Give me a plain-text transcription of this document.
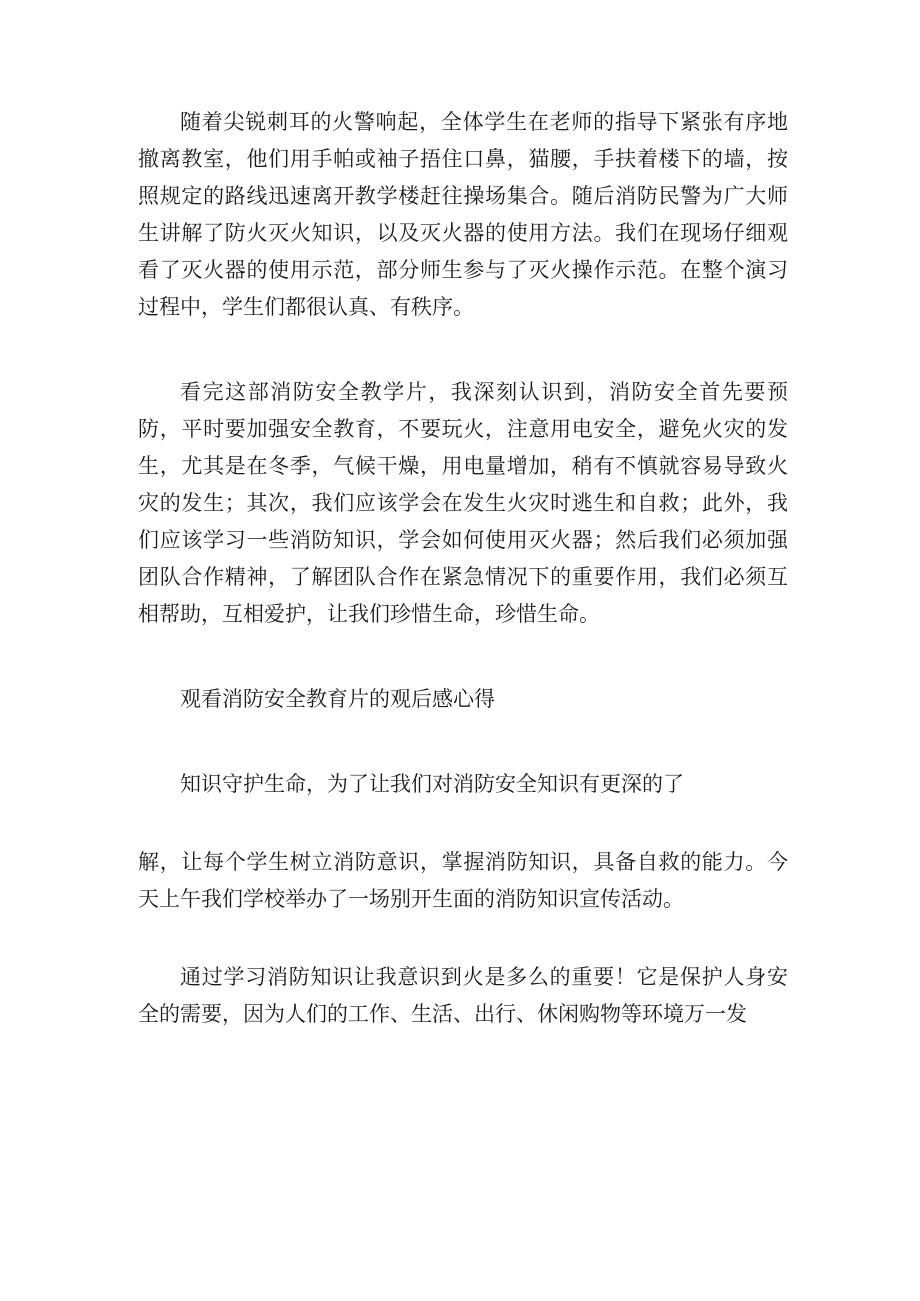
随着尖锐刺耳的火警响起，全体学生在老师的指导下紧张有序地撤离教室，他们用手帕或袖子捂住口鼻，猫腰，手扶着楼下的墙，按照规定的路线迅速离开教学楼赶往操场集合。随后消防民警为广大师生讲解了防火灭火知识，以及灭火器的使用方法。我们在现场仔细观看了灭火器的使用示范，部分师生参与了灭火操作示范。在整个演习过程中，学生们都很认真、有秩序。

看完这部消防安全教学片，我深刻认识到，消防安全首先要预防，平时要加强安全教育，不要玩火，注意用电安全，避免火灾的发生，尤其是在冬季，气候干燥，用电量增加，稍有不慎就容易导致火灾的发生；其次，我们应该学会在发生火灾时逃生和自救；此外，我们应该学习一些消防知识，学会如何使用灭火器；然后我们必须加强团队合作精神，了解团队合作在紧急情况下的重要作用，我们必须互相帮助，互相爱护，让我们珍惜生命，珍惜生命。

观看消防安全教育片的观后感心得

知识守护生命，为了让我们对消防安全知识有更深的了

解，让每个学生树立消防意识，掌握消防知识，具备自救的能力。今天上午我们学校举办了一场别开生面的消防知识宣传活动。

通过学习消防知识让我意识到火是多么的重要！它是保护人身安全的需要，因为人们的工作、生活、出行、休闲购物等环境万一发
